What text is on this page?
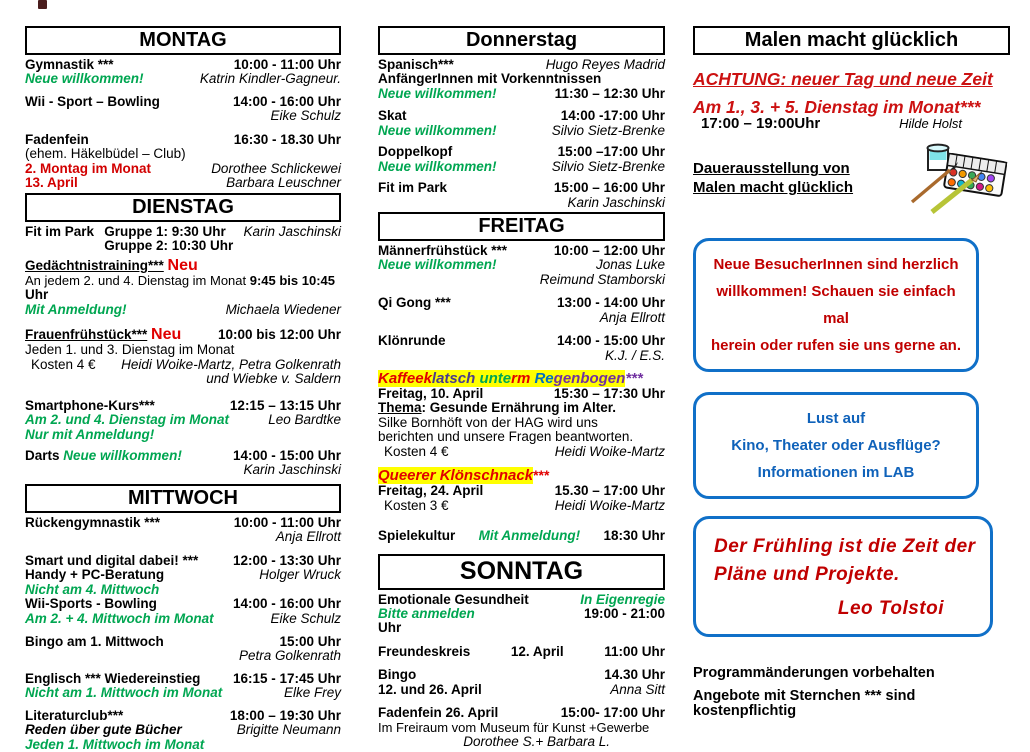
MONTAG
Gymnastik ***	10:00 - 11:00 Uhr
Neue willkommen!	Katrin Kindler-Gagneur.
Wii - Sport – Bowling	14:00 - 16:00 Uhr
Eike Schulz
Fadenfein	16:30 - 18.30 Uhr
(ehem. Häkelbüdel – Club)
2. Montag im Monat	Dorothee Schlickewei
13. April	Barbara Leuschner
DIENSTAG
Fit im Park Gruppe 1: 9:30 Uhr
Gruppe 2: 10:30 Uhr
Karin Jaschinski
Gedächtnistraining*** Neu
An jedem 2. und 4. Dienstag im Monat 9:45 bis 10:45
Uhr
Mit Anmeldung!	Michaela Wiedener
Frauenfrühstück*** Neu	10:00 bis 12:00 Uhr
Jeden 1. und 3. Dienstag im Monat
Kosten 4 € Heidi Woike-Martz, Petra Golkenrath
und Wiebke v. Saldern
Smartphone-Kurs***	12:15 – 13:15 Uhr
Am 2. und 4. Dienstag im Monat	Leo Bardtke
Nur mit Anmeldung!
Darts Neue willkommen!	14:00 - 15:00 Uhr
Karin Jaschinski
MITTWOCH
Rückengymnastik ***	10:00 - 11:00 Uhr
Anja Ellrott
Smart und digital dabei! ***	12:00 - 13:30 Uhr
Handy + PC-Beratung	Holger Wruck
Nicht am 4. Mittwoch
Wii-Sports - Bowling	14:00 - 16:00 Uhr
Am 2. + 4. Mittwoch im Monat	Eike Schulz
Bingo am 1. Mittwoch	15:00 Uhr
Petra Golkenrath
Englisch *** Wiedereinstieg 16:15 - 17:45 Uhr
Nicht am 1. Mittwoch im Monat	Elke Frey
Literaturclub***	18:00 – 19:30 Uhr
Reden über gute Bücher	Brigitte Neumann
Jeden 1. Mittwoch im Monat
Donnerstag
Spanisch***	Hugo Reyes Madrid
AnfängerInnen mit Vorkenntnissen
Neue willkommen!	11:30 – 12:30 Uhr
Skat	14:00 -17:00 Uhr
Neue willkommen!	Silvio Sietz-Brenke
Doppelkopf	15:00 –17:00 Uhr
Neue willkommen!	Silvio Sietz-Brenke
Fit im Park	15:00 – 16:00 Uhr
Karin Jaschinski
FREITAG
Männerfrühstück ***	10:00 – 12:00 Uhr
Neue willkommen!	Jonas Luke
Reimund Stamborski
Qi Gong ***	13:00 - 14:00 Uhr
Anja Ellrott
Klönrunde	14:00 - 15:00 Uhr
K.J. / E.S.
Kaffeeklatsch unterm Regenbogen***
Freitag, 10. April	15:30 – 17:30 Uhr
Thema: Gesunde Ernährung im Alter.
Silke Bornhöft von der HAG wird uns
berichten und unsere Fragen beantworten.
Kosten 4 €	Heidi Woike-Martz
Queerer Klönschnack***
Freitag, 24. April	15.30 – 17:00 Uhr
Kosten 3 €	Heidi Woike-Martz
Spielekultur Mit Anmeldung! 18:30 Uhr
SONNTAG
Emotionale Gesundheit	In Eigenregie
Bitte anmelden	19:00 - 21:00
Uhr
Freundeskreis	12. April	11:00 Uhr
Bingo	14.30 Uhr
12. und 26. April	Anna Sitt
Fadenfein 26. April	15:00- 17:00 Uhr
Im Freiraum vom Museum für Kunst +Gewerbe
Dorothee S.+ Barbara L.
Malen macht glücklich
ACHTUNG: neuer Tag und neue Zeit
Am 1., 3. + 5. Dienstag im Monat***
17:00 – 19:00Uhr	Hilde Holst
Dauerausstellung von
Malen macht glücklich
Neue BesucherInnen sind herzlich
willkommen! Schauen sie einfach mal
herein oder rufen sie uns gerne an.
Lust auf
Kino, Theater oder Ausflüge?
Informationen im LAB
Der Frühling ist die Zeit der
Pläne und Projekte.
Leo Tolstoi
Programmänderungen vorbehalten
Angebote mit Sternchen *** sind
kostenpflichtig
